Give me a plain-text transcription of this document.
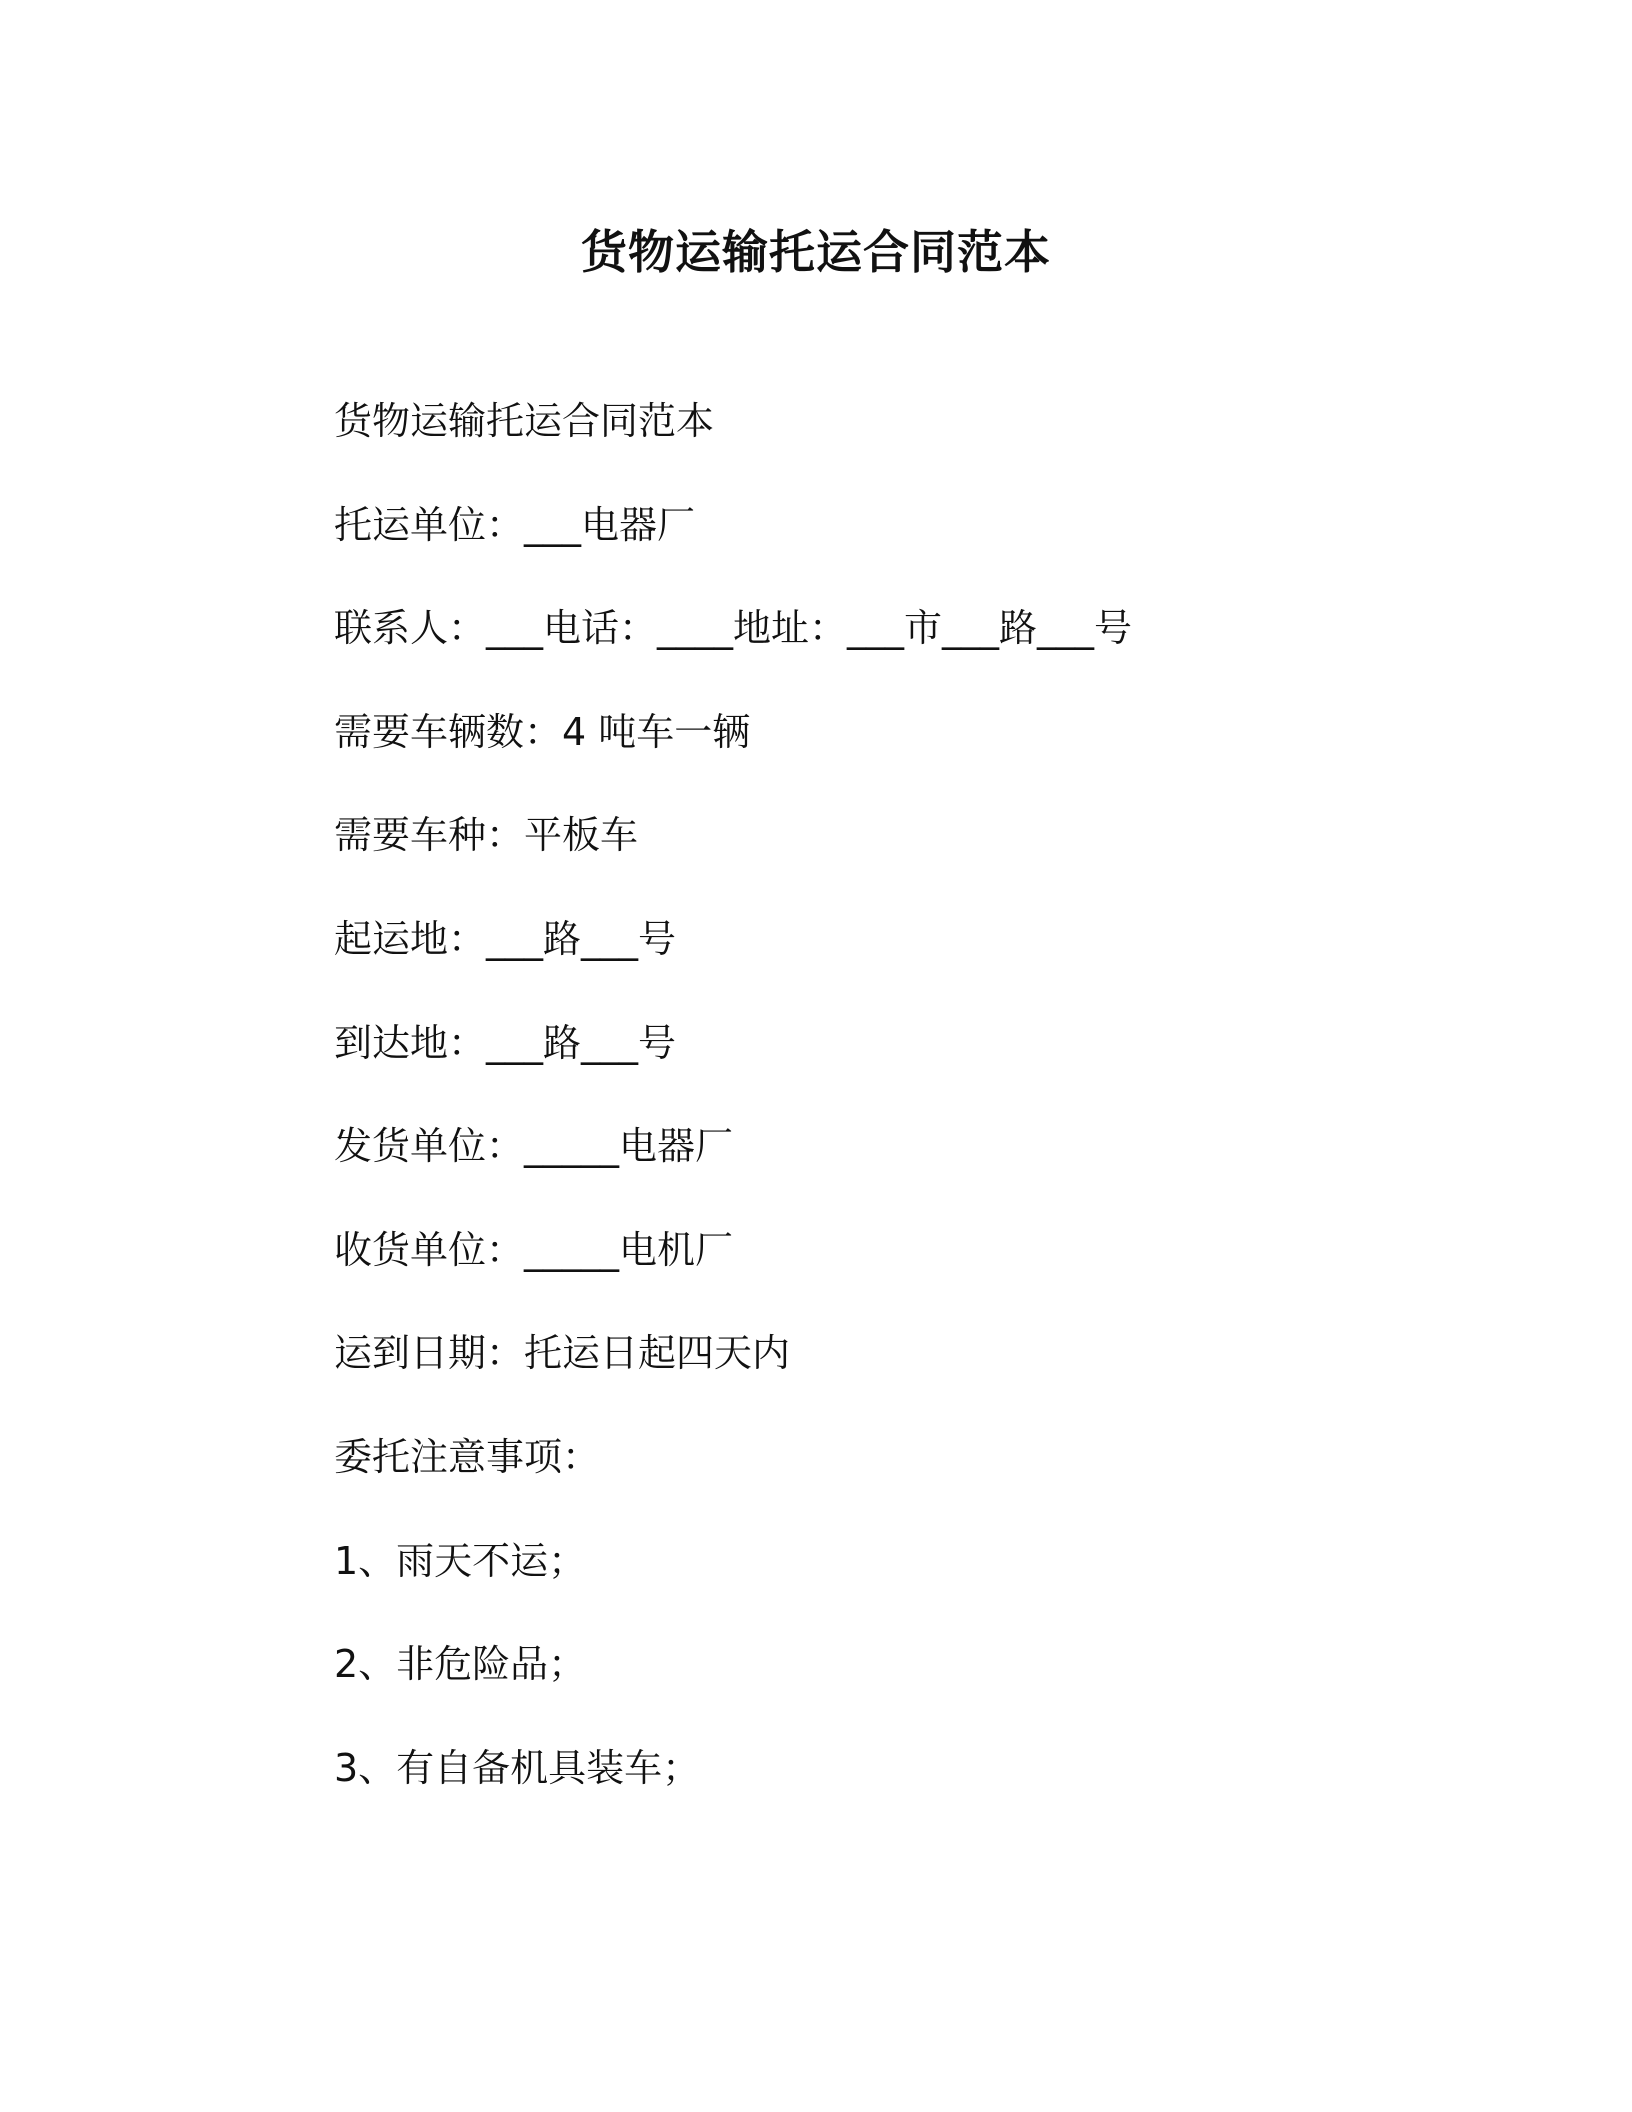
货物运输托运合同范本
货物运输托运合同范本
托运单位：___电器厂
联系人：___电话：____地址：___市___路___号
需要车辆数：4 吨车一辆
需要车种：平板车
起运地：___路___号
到达地：___路___号
发货单位：_____电器厂
收货单位：_____电机厂
运到日期：托运日起四天内
委托注意事项：
1、雨天不运；
2、非危险品；
3、有自备机具装车；
